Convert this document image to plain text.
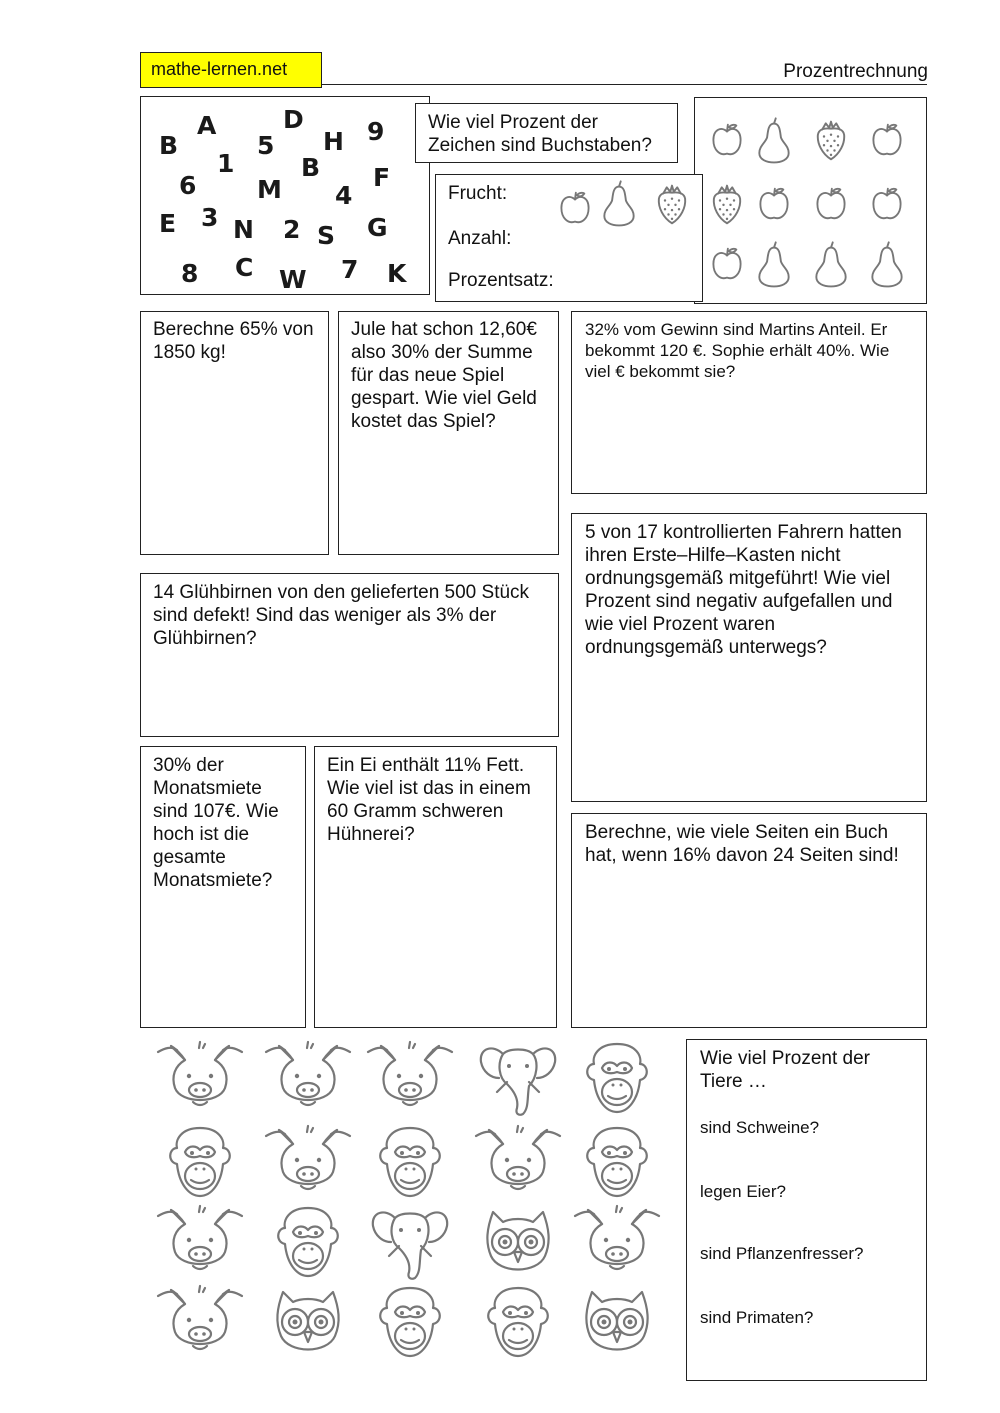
mathe-lernen.net	Prozentrechnung
B
A	D
5 H 9
1	B
6 M 4
F
E 3 N 2 S G
8 C W 7 K
Wie viel Prozent der
Zeichen sind Buchstaben?
Frucht:
Anzahl:
Prozentsatz:
Berechne 65% von 1850 kg!
Jule hat schon 12,60€ also 30% der Summe für das neue Spiel gespart. Wie viel Geld kostet das Spiel?
32% vom Gewinn sind Martins Anteil. Er bekommt 120 €. Sophie erhält 40%. Wie viel € bekommt sie?
5 von 17 kontrollierten Fahrern hatten ihren Erste–Hilfe–Kasten nicht ordnungsgemäß mitgeführt! Wie viel Prozent sind negativ aufgefallen und wie viel Prozent waren ordnungsgemäß unterwegs?
14 Glühbirnen von den gelieferten 500 Stück sind defekt! Sind das weniger als 3% der Glühbirnen?
30% der Monatsmiete sind 107€. Wie hoch ist die gesamte Monatsmiete?
Ein Ei enthält 11% Fett. Wie viel ist das in einem 60 Gramm schweren Hühnerei?	Berechne, wie viele Seiten ein Buch hat, wenn 16% davon 24 Seiten sind!
Wie viel Prozent der Tiere …
sind Schweine?
legen Eier?
sind Pflanzenfresser?
sind Primaten?
